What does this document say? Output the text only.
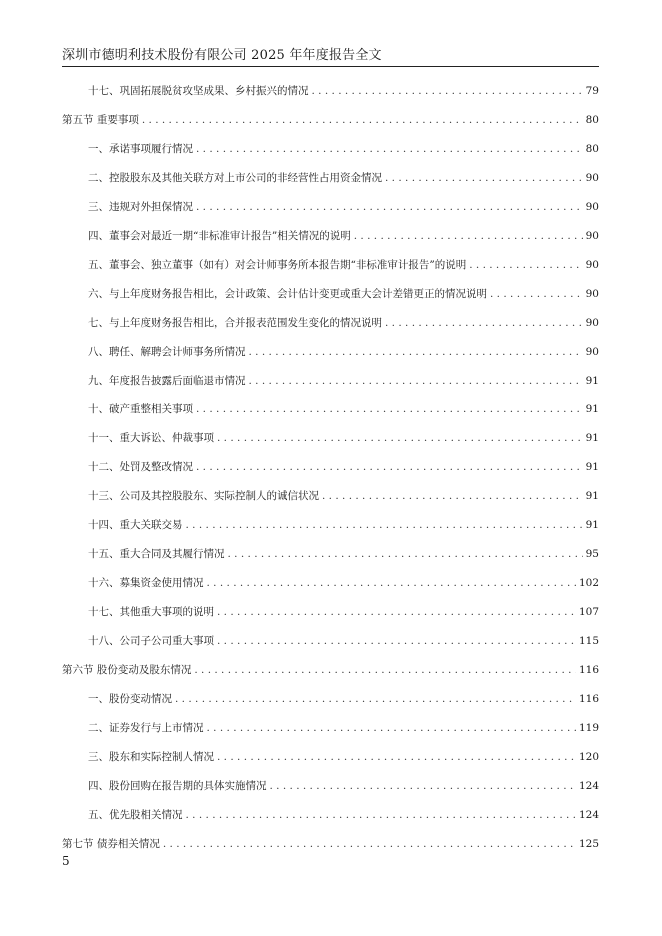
深圳市德明利技术股份有限公司 2025 年年度报告全文
十七、巩固拓展脱贫攻坚成果、乡村振兴的情况 . . .	79
第五节 重要事项 . . .	80
一、承诺事项履行情况 . . .	80
二、控股股东及其他关联方对上市公司的非经营性占用资金情况 . . .	90
三、违规对外担保情况 . . .	90
四、董事会对最近一期“非标准审计报告”相关情况的说明 . . .	90
五、董事会、独立董事（如有）对会计师事务所本报告期“非标准审计报告”的说明 . . .	90
六、与上年度财务报告相比，会计政策、会计估计变更或重大会计差错更正的情况说明 . . .	90
七、与上年度财务报告相比，合并报表范围发生变化的情况说明 . . .	90
八、聘任、解聘会计师事务所情况 . . .	90
九、年度报告披露后面临退市情况 . . .	91
十、破产重整相关事项 . . .	91
十一、重大诉讼、仲裁事项 . . .	91
十二、处罚及整改情况 . . .	91
十三、公司及其控股股东、实际控制人的诚信状况 . . .	91
十四、重大关联交易 . . .	91
十五、重大合同及其履行情况 . . .	95
十六、募集资金使用情况 . . .	102
十七、其他重大事项的说明 . . .	107
十八、公司子公司重大事项 . . .	115
第六节 股份变动及股东情况 . . .	116
一、股份变动情况 . . .	116
二、证券发行与上市情况 . . .	119
三、股东和实际控制人情况 . . .	120
四、股份回购在报告期的具体实施情况 . . .	124
五、优先股相关情况 . . .	124
第七节 债券相关情况 . . .	125
5
